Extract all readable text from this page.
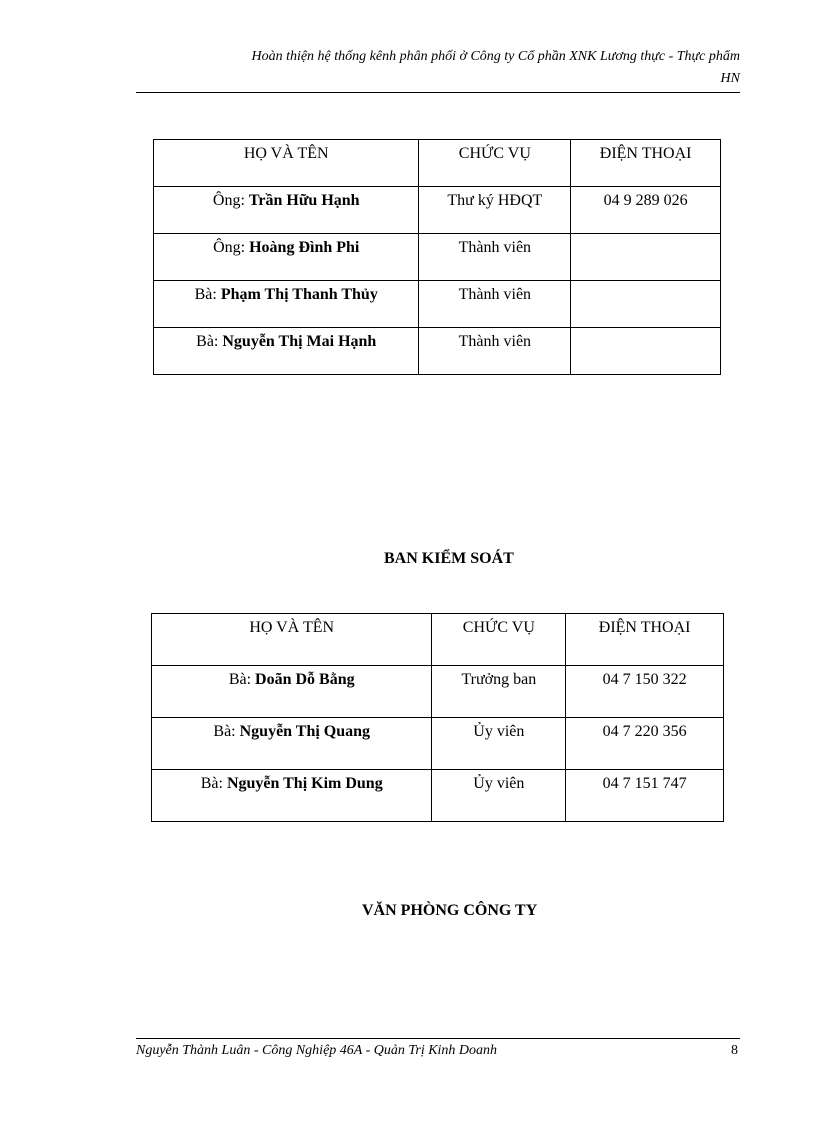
Hoàn thiện hệ thống kênh phân phối ở Công ty Cổ phần XNK Lương thực - Thực phẩm
HN
HỌ VÀ TÊN	CHỨC VỤ	ĐIỆN THOẠI
Ông: Trần Hữu Hạnh	Thư ký HĐQT	04 9 289 026
Ông: Hoàng Đình Phi	Thành viên	
Bà: Phạm Thị Thanh Thủy	Thành viên	
Bà: Nguyễn Thị Mai Hạnh	Thành viên	
BAN KIỂM SOÁT
HỌ VÀ TÊN	CHỨC VỤ	ĐIỆN THOẠI
Bà: Doãn Dỗ Bằng	Trưởng ban	04 7 150 322
Bà: Nguyễn Thị Quang	Ủy viên	04 7 220 356
Bà: Nguyễn Thị Kim Dung	Ủy viên	04 7 151 747
VĂN PHÒNG CÔNG TY
Nguyễn Thành Luân - Công Nghiệp 46A - Quản Trị Kinh Doanh	8
